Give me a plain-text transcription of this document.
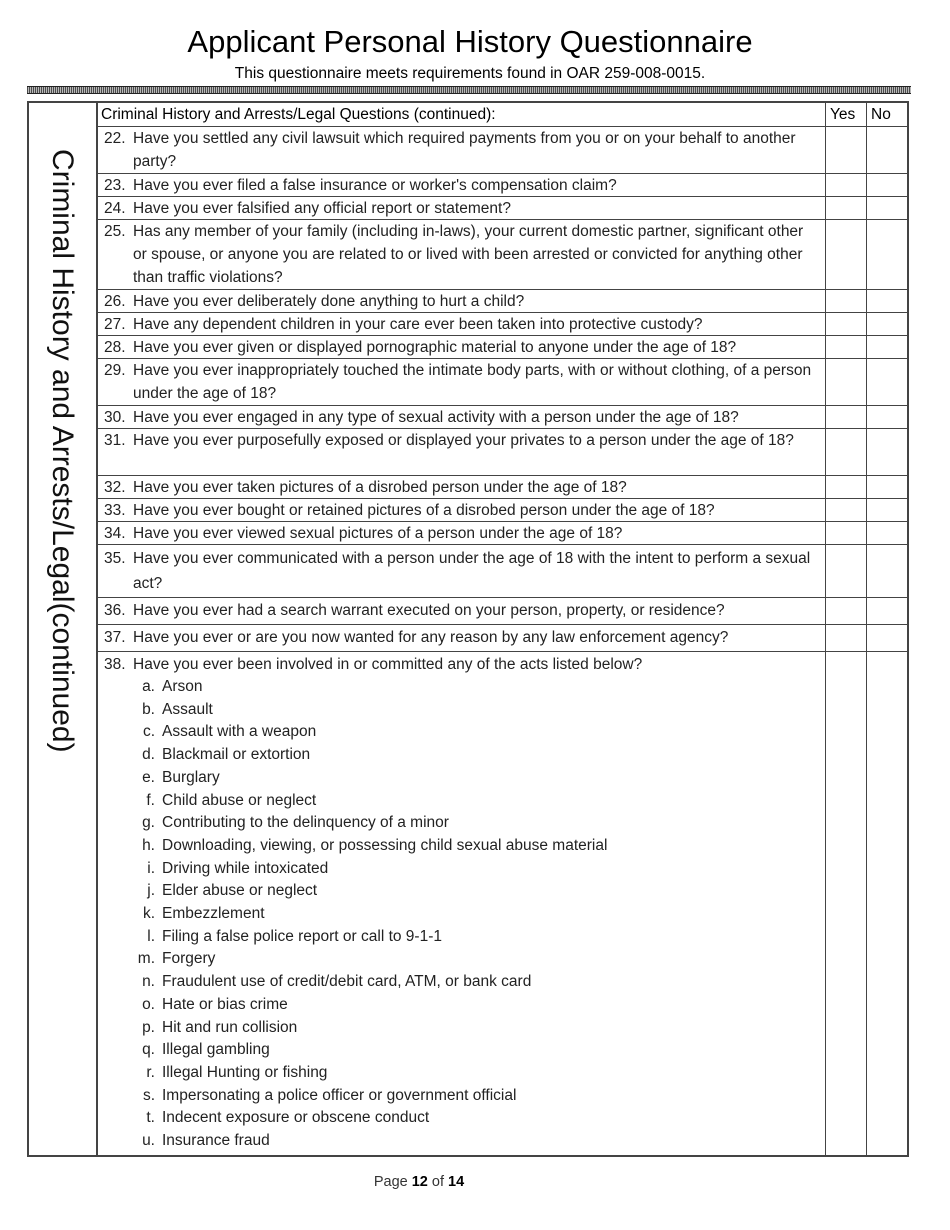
Applicant Personal History Questionnaire
This questionnaire meets requirements found in OAR 259-008-0015.
Criminal History and Arrests/Legal(continued)
Criminal History and Arrests/Legal Questions (continued):	Yes	No
22. Have you settled any civil lawsuit which required payments from you or on your behalf to another party?
23. Have you ever filed a false insurance or worker's compensation claim?
24. Have you ever falsified any official report or statement?
25. Has any member of your family (including in-laws), your current domestic partner, significant other or spouse, or anyone you are related to or lived with been arrested or convicted for anything other than traffic violations?
26. Have you ever deliberately done anything to hurt a child?
27. Have any dependent children in your care ever been taken into protective custody?
28. Have you ever given or displayed pornographic material to anyone under the age of 18?
29. Have you ever inappropriately touched the intimate body parts, with or without clothing, of a person under the age of 18?
30. Have you ever engaged in any type of sexual activity with a person under the age of 18?
31. Have you ever purposefully exposed or displayed your privates to a person under the age of 18?
32. Have you ever taken pictures of a disrobed person under the age of 18?
33. Have you ever bought or retained pictures of a disrobed person under the age of 18?
34. Have you ever viewed sexual pictures of a person under the age of 18?
35. Have you ever communicated with a person under the age of 18 with the intent to perform a sexual act?
36. Have you ever had a search warrant executed on your person, property, or residence?
37. Have you ever or are you now wanted for any reason by any law enforcement agency?
38. Have you ever been involved in or committed any of the acts listed below?
a. Arson
b. Assault
c. Assault with a weapon
d. Blackmail or extortion
e. Burglary
f. Child abuse or neglect
g. Contributing to the delinquency of a minor
h. Downloading, viewing, or possessing child sexual abuse material
i. Driving while intoxicated
j. Elder abuse or neglect
k. Embezzlement
l. Filing a false police report or call to 9-1-1
m. Forgery
n. Fraudulent use of credit/debit card, ATM, or bank card
o. Hate or bias crime
p. Hit and run collision
q. Illegal gambling
r. Illegal Hunting or fishing
s. Impersonating a police officer or government official
t. Indecent exposure or obscene conduct
u. Insurance fraud
Page 12 of 14
